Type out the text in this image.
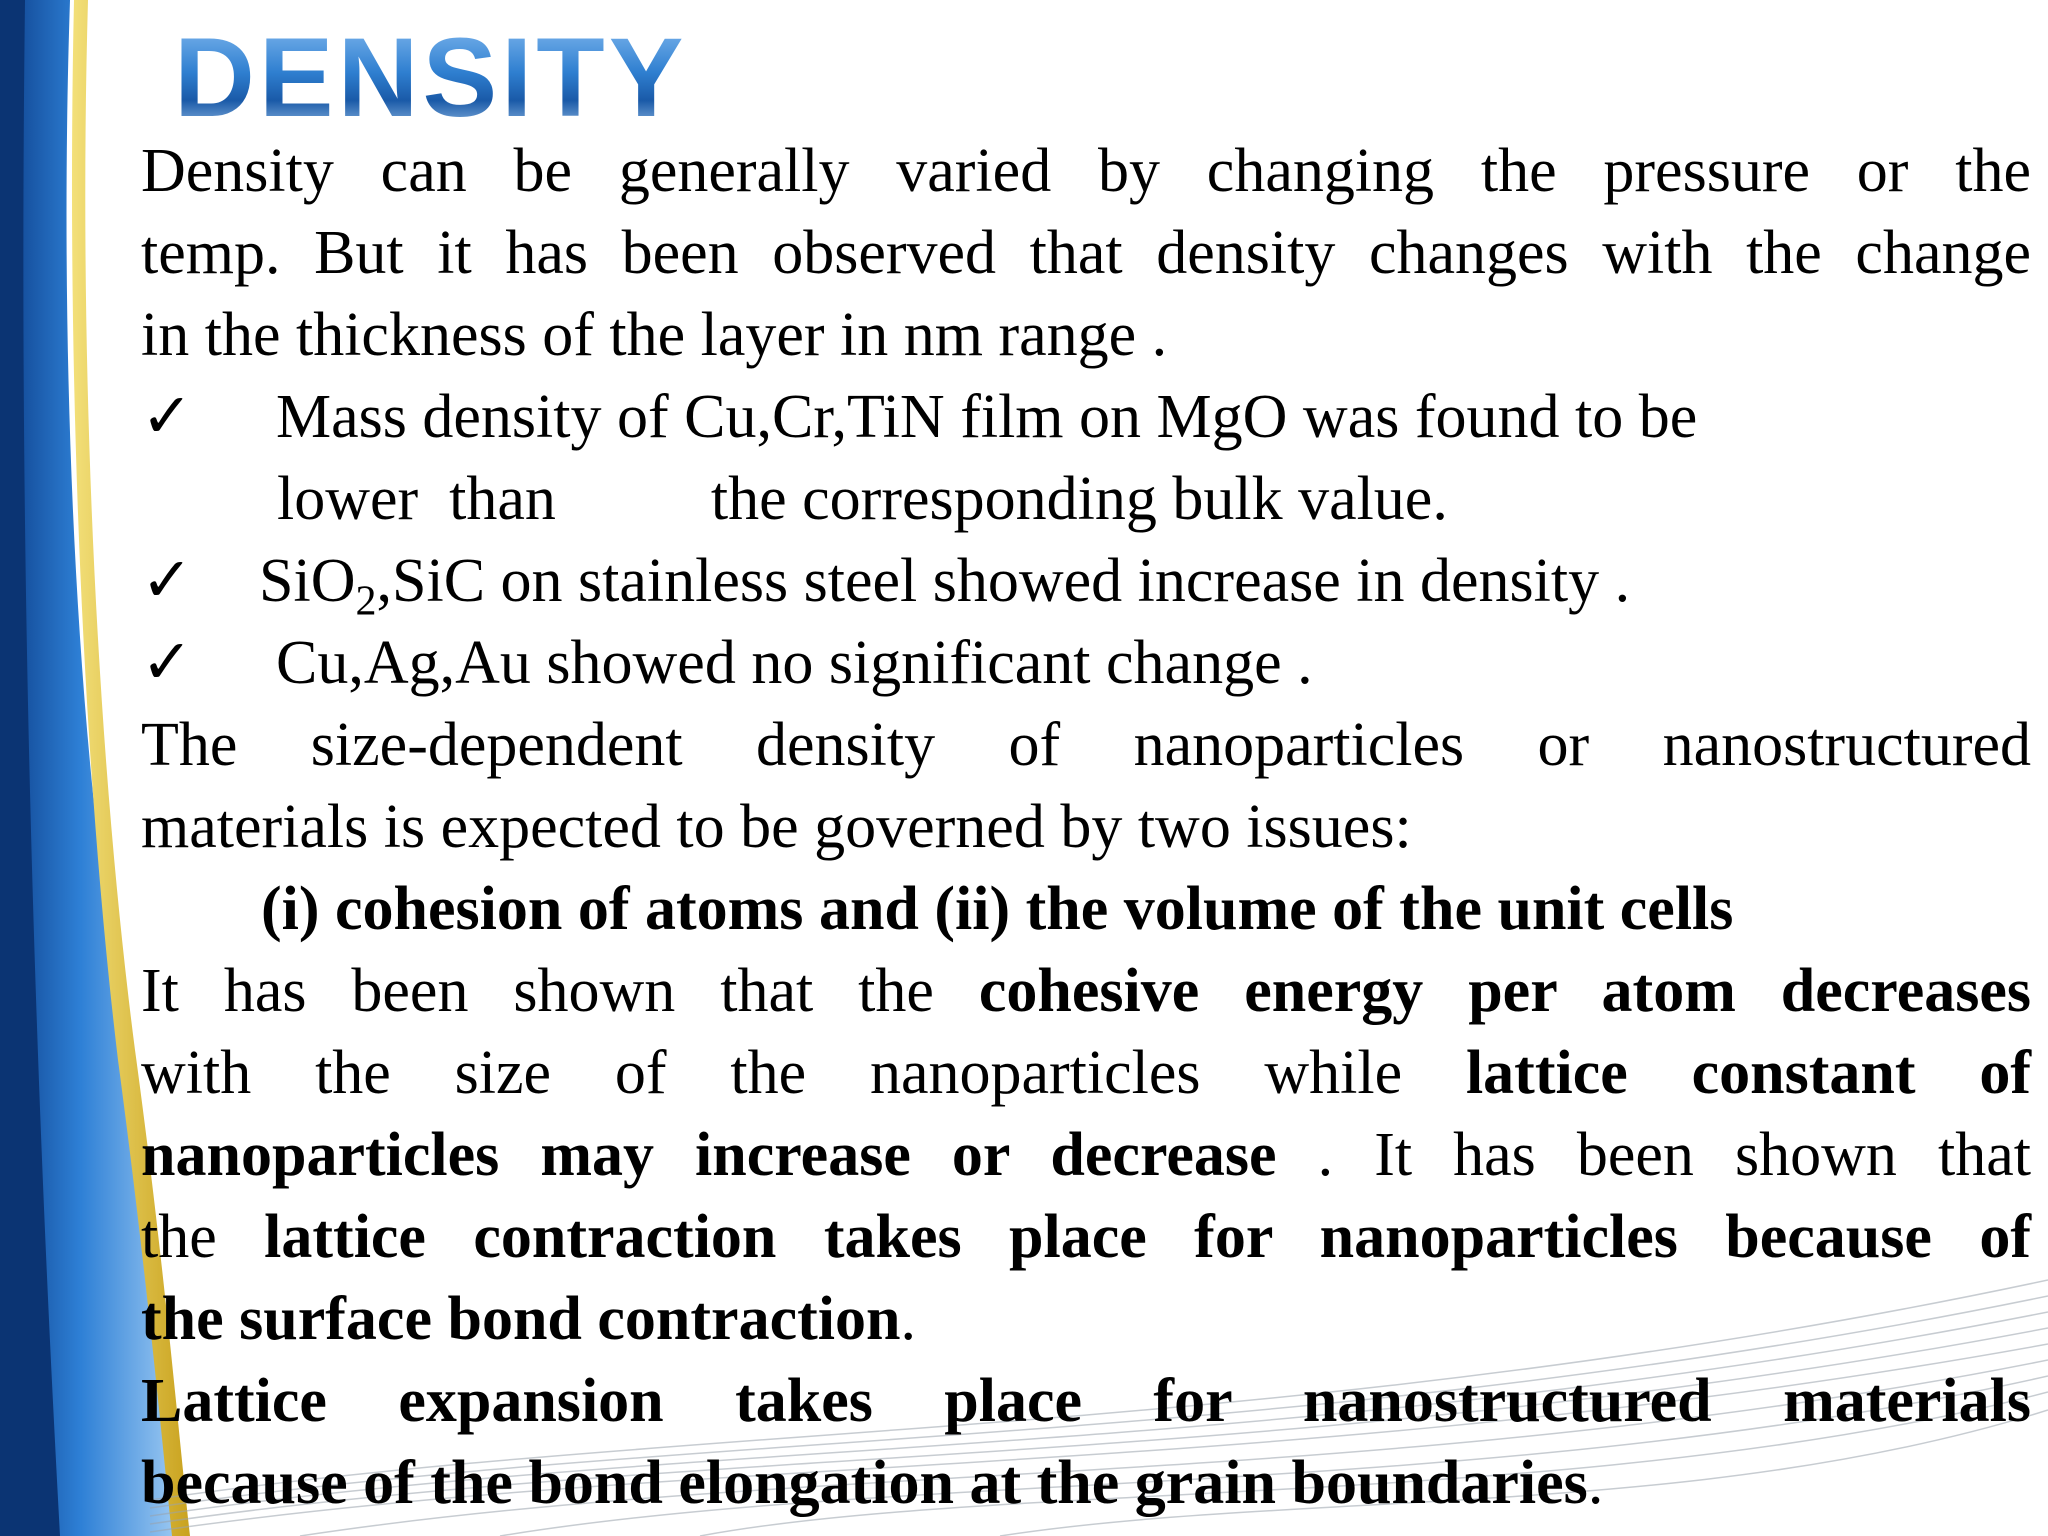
DENSITY
Density can be generally varied by changing the pressure or the
temp. But it has been observed that density changes with the change
in the thickness of the layer in nm range .
✓ Mass density of Cu,Cr,TiN film on MgO was found to be
lower  than          the corresponding bulk value.
✓ SiO$_2$,SiC on stainless steel showed increase in density .
✓ Cu,Ag,Au showed no significant change .
The size-dependent density of nanoparticles or nanostructured
materials is expected to be governed by two issues:
(i) cohesion of atoms and (ii) the volume of the unit cells
It has been shown that the cohesive energy per atom decreases
with the size of the nanoparticles while lattice constant of
nanoparticles may increase or decrease . It has been shown that
the lattice contraction takes place for nanoparticles because of
the surface bond contraction.
Lattice expansion takes place for nanostructured materials
because of the bond elongation at the grain boundaries.
